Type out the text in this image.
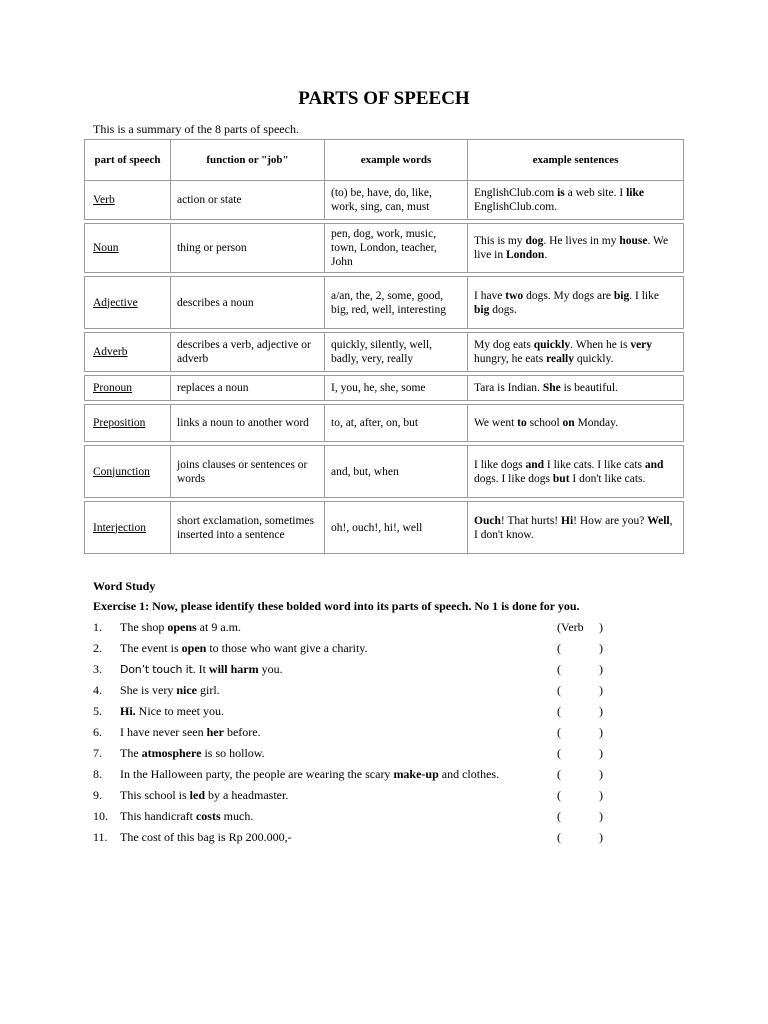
PARTS OF SPEECH

This is a summary of the 8 parts of speech.

part of speech	function or "job"	example words	example sentences
Verb	action or state	(to) be, have, do, like, work, sing, can, must	EnglishClub.com is a web site. I like EnglishClub.com.

Noun	thing or person	pen, dog, work, music, town, London, teacher, John	This is my dog. He lives in my house. We live in London.

Adjective	describes a noun	a/an, the, 2, some, good, big, red, well, interesting	I have two dogs. My dogs are big. I like big dogs.

Adverb	describes a verb, adjective or adverb	quickly, silently, well, badly, very, really	My dog eats quickly. When he is very hungry, he eats really quickly.

Pronoun	replaces a noun	I, you, he, she, some	Tara is Indian. She is beautiful.

Preposition	links a noun to another word	to, at, after, on, but	We went to school on Monday.

Conjunction	joins clauses or sentences or words	and, but, when	I like dogs and I like cats. I like cats and dogs. I like dogs but I don't like cats.

Interjection	short exclamation, sometimes inserted into a sentence	oh!, ouch!, hi!, well	Ouch! That hurts! Hi! How are you? Well, I don't know.

Word Study

Exercise 1: Now, please identify these bolded word into its parts of speech. No 1 is done for you.

1. The shop opens at 9 a.m.	(Verb )
2. The event is open to those who want give a charity.	(	)
3. Don’t touch it. It will harm you.	(	)
4. She is very nice girl.	(	)
5. Hi. Nice to meet you.	(	)
6. I have never seen her before.	(	)
7. The atmosphere is so hollow.	(	)
8. In the Halloween party, the people are wearing the scary make-up and clothes.	(	)
9. This school is led by a headmaster.	(	)
10. This handicraft costs much.	(	)
11. The cost of this bag is Rp 200.000,-	(	)
